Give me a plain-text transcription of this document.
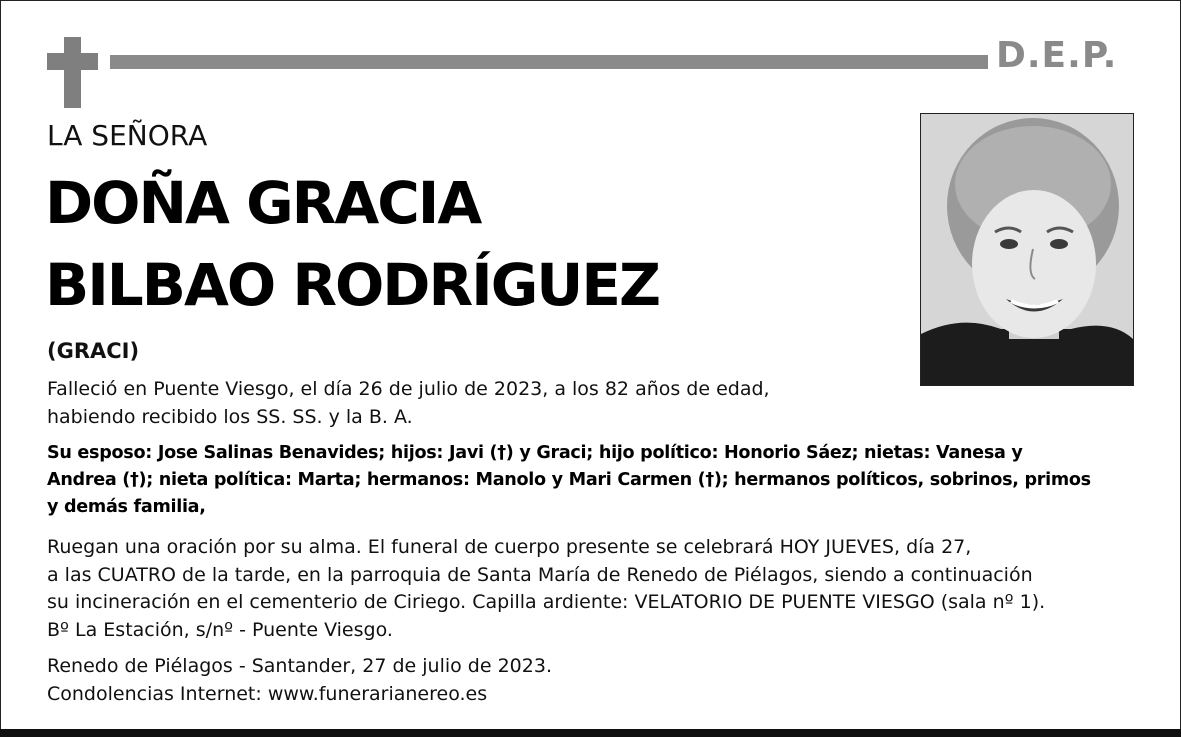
D.E.P.
LA SEÑORA
DOÑA GRACIA
BILBAO RODRÍGUEZ
(GRACI)
Falleció en Puente Viesgo, el día 26 de julio de 2023, a los 82 años de edad,
habiendo recibido los SS. SS. y la B. A.
Su esposo: Jose Salinas Benavides; hijos: Javi (†) y Graci; hijo político: Honorio Sáez; nietas: Vanesa y
Andrea (†); nieta política: Marta; hermanos: Manolo y Mari Carmen (†); hermanos políticos, sobrinos, primos
y demás familia,
Ruegan una oración por su alma. El funeral de cuerpo presente se celebrará HOY JUEVES, día 27,
a las CUATRO de la tarde, en la parroquia de Santa María de Renedo de Piélagos, siendo a continuación
su incineración en el cementerio de Ciriego. Capilla ardiente: VELATORIO DE PUENTE VIESGO (sala nº 1).
Bº La Estación, s/nº - Puente Viesgo.
Renedo de Piélagos - Santander, 27 de julio de 2023.
Condolencias Internet: www.funerarianereo.es
